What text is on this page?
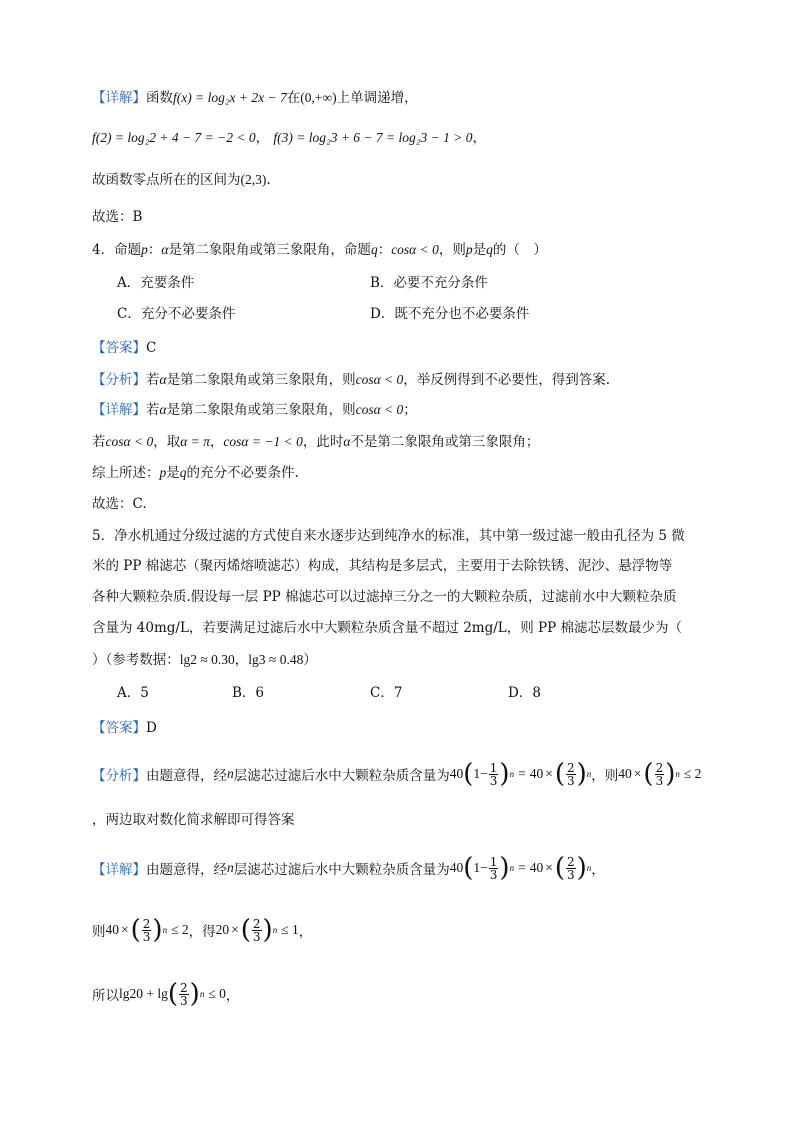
【详解】函数f(x) = log₂x + 2x − 7在(0,+∞)上单调递增，
f(2) = log₂2 + 4 − 7 = −2 < 0， f(3) = log₂3 + 6 − 7 = log₂3 − 1 > 0，
故函数零点所在的区间为(2,3).
故选：B
4．命题p：α是第二象限角或第三象限角，命题q：cosα < 0，则p是q的（　）
A．充要条件	B．必要不充分条件
C．充分不必要条件	D．既不充分也不必要条件
【答案】C
【分析】若α是第二象限角或第三象限角，则cosα < 0，举反例得到不必要性，得到答案.
【详解】若α是第二象限角或第三象限角，则cosα < 0；
若cosα < 0，取α = π，cosα = −1 < 0，此时α不是第二象限角或第三象限角；
综上所述：p是q的充分不必要条件.
故选：C.
5．净水机通过分级过滤的方式使自来水逐步达到纯净水的标准，其中第一级过滤一般由孔径为 5 微
米的 PP 棉滤芯（聚丙烯熔喷滤芯）构成，其结构是多层式，主要用于去除铁锈、泥沙、悬浮物等
各种大颗粒杂质.假设每一层 PP 棉滤芯可以过滤掉三分之一的大颗粒杂质，过滤前水中大颗粒杂质
含量为 40mg/L，若要满足过滤后水中大颗粒杂质含量不超过 2mg/L，则 PP 棉滤芯层数最少为（
）（参考数据：lg2 ≈ 0.30，lg3 ≈ 0.48）
A．5	B．6	C．7	D．8
【答案】D
【分析】 由题意得，经 n 层滤芯过滤后水中大颗粒杂质含量为 40 ( $1 - \frac{1}{3}$ ) n = 40 × ( $\frac{2}{3}$ ) n ，则 40 × ( $\frac{2}{3}$ ) n ≤ 2
，两边取对数化简求解即可得答案
【详解】 由题意得，经 n 层滤芯过滤后水中大颗粒杂质含量为 40 ( $1 - \frac{1}{3}$ ) n = 40 × ( $\frac{2}{3}$ ) n ，
则 40 × ( $\frac{2}{3}$ ) n ≤ 2 ，得 20 × ( $\frac{2}{3}$ ) n ≤ 1 ，
所以 lg20 + lg ( $\frac{2}{3}$ ) n ≤ 0 ，
